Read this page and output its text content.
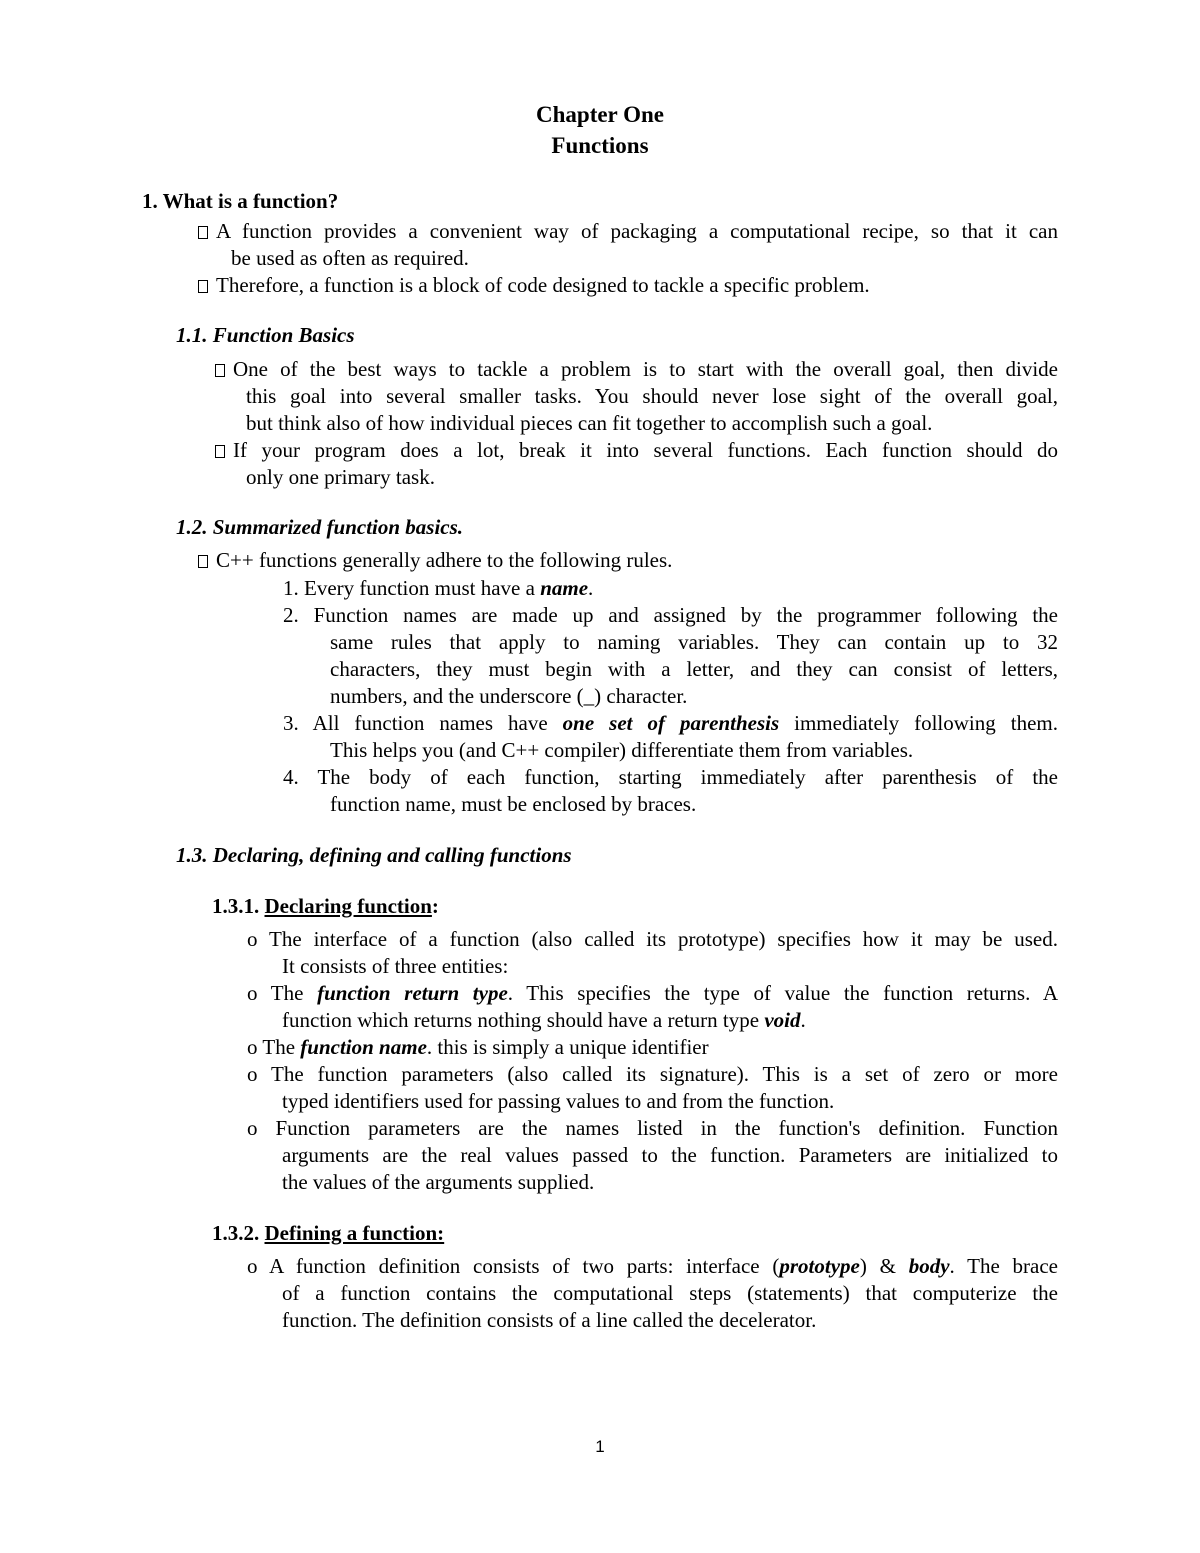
Chapter One
Functions
1. What is a function?
A function provides a convenient way of packaging a computational recipe, so that it can
be used as often as required.
Therefore, a function is a block of code designed to tackle a specific problem.
1.1. Function Basics
One of the best ways to tackle a problem is to start with the overall goal, then divide
this goal into several smaller tasks. You should never lose sight of the overall goal,
but think also of how individual pieces can fit together to accomplish such a goal.
If your program does a lot, break it into several functions. Each function should do
only one primary task.
1.2. Summarized function basics.
C++ functions generally adhere to the following rules.
1. Every function must have a name.
2. Function names are made up and assigned by the programmer following the
same rules that apply to naming variables. They can contain up to 32
characters, they must begin with a letter, and they can consist of letters,
numbers, and the underscore (_) character.
3. All function names have one set of parenthesis immediately following them.
This helps you (and C++ compiler) differentiate them from variables.
4. The body of each function, starting immediately after parenthesis of the
function name, must be enclosed by braces.
1.3. Declaring, defining and calling functions
1.3.1. Declaring function:
o The interface of a function (also called its prototype) specifies how it may be used.
It consists of three entities:
o The function return type. This specifies the type of value the function returns. A
function which returns nothing should have a return type void.
o The function name. this is simply a unique identifier
o The function parameters (also called its signature). This is a set of zero or more
typed identifiers used for passing values to and from the function.
o Function parameters are the names listed in the function's definition. Function
arguments are the real values passed to the function. Parameters are initialized to
the values of the arguments supplied.
1.3.2. Defining a function:
o A function definition consists of two parts: interface (prototype) & body. The brace
of a function contains the computational steps (statements) that computerize the
function. The definition consists of a line called the decelerator.
1
